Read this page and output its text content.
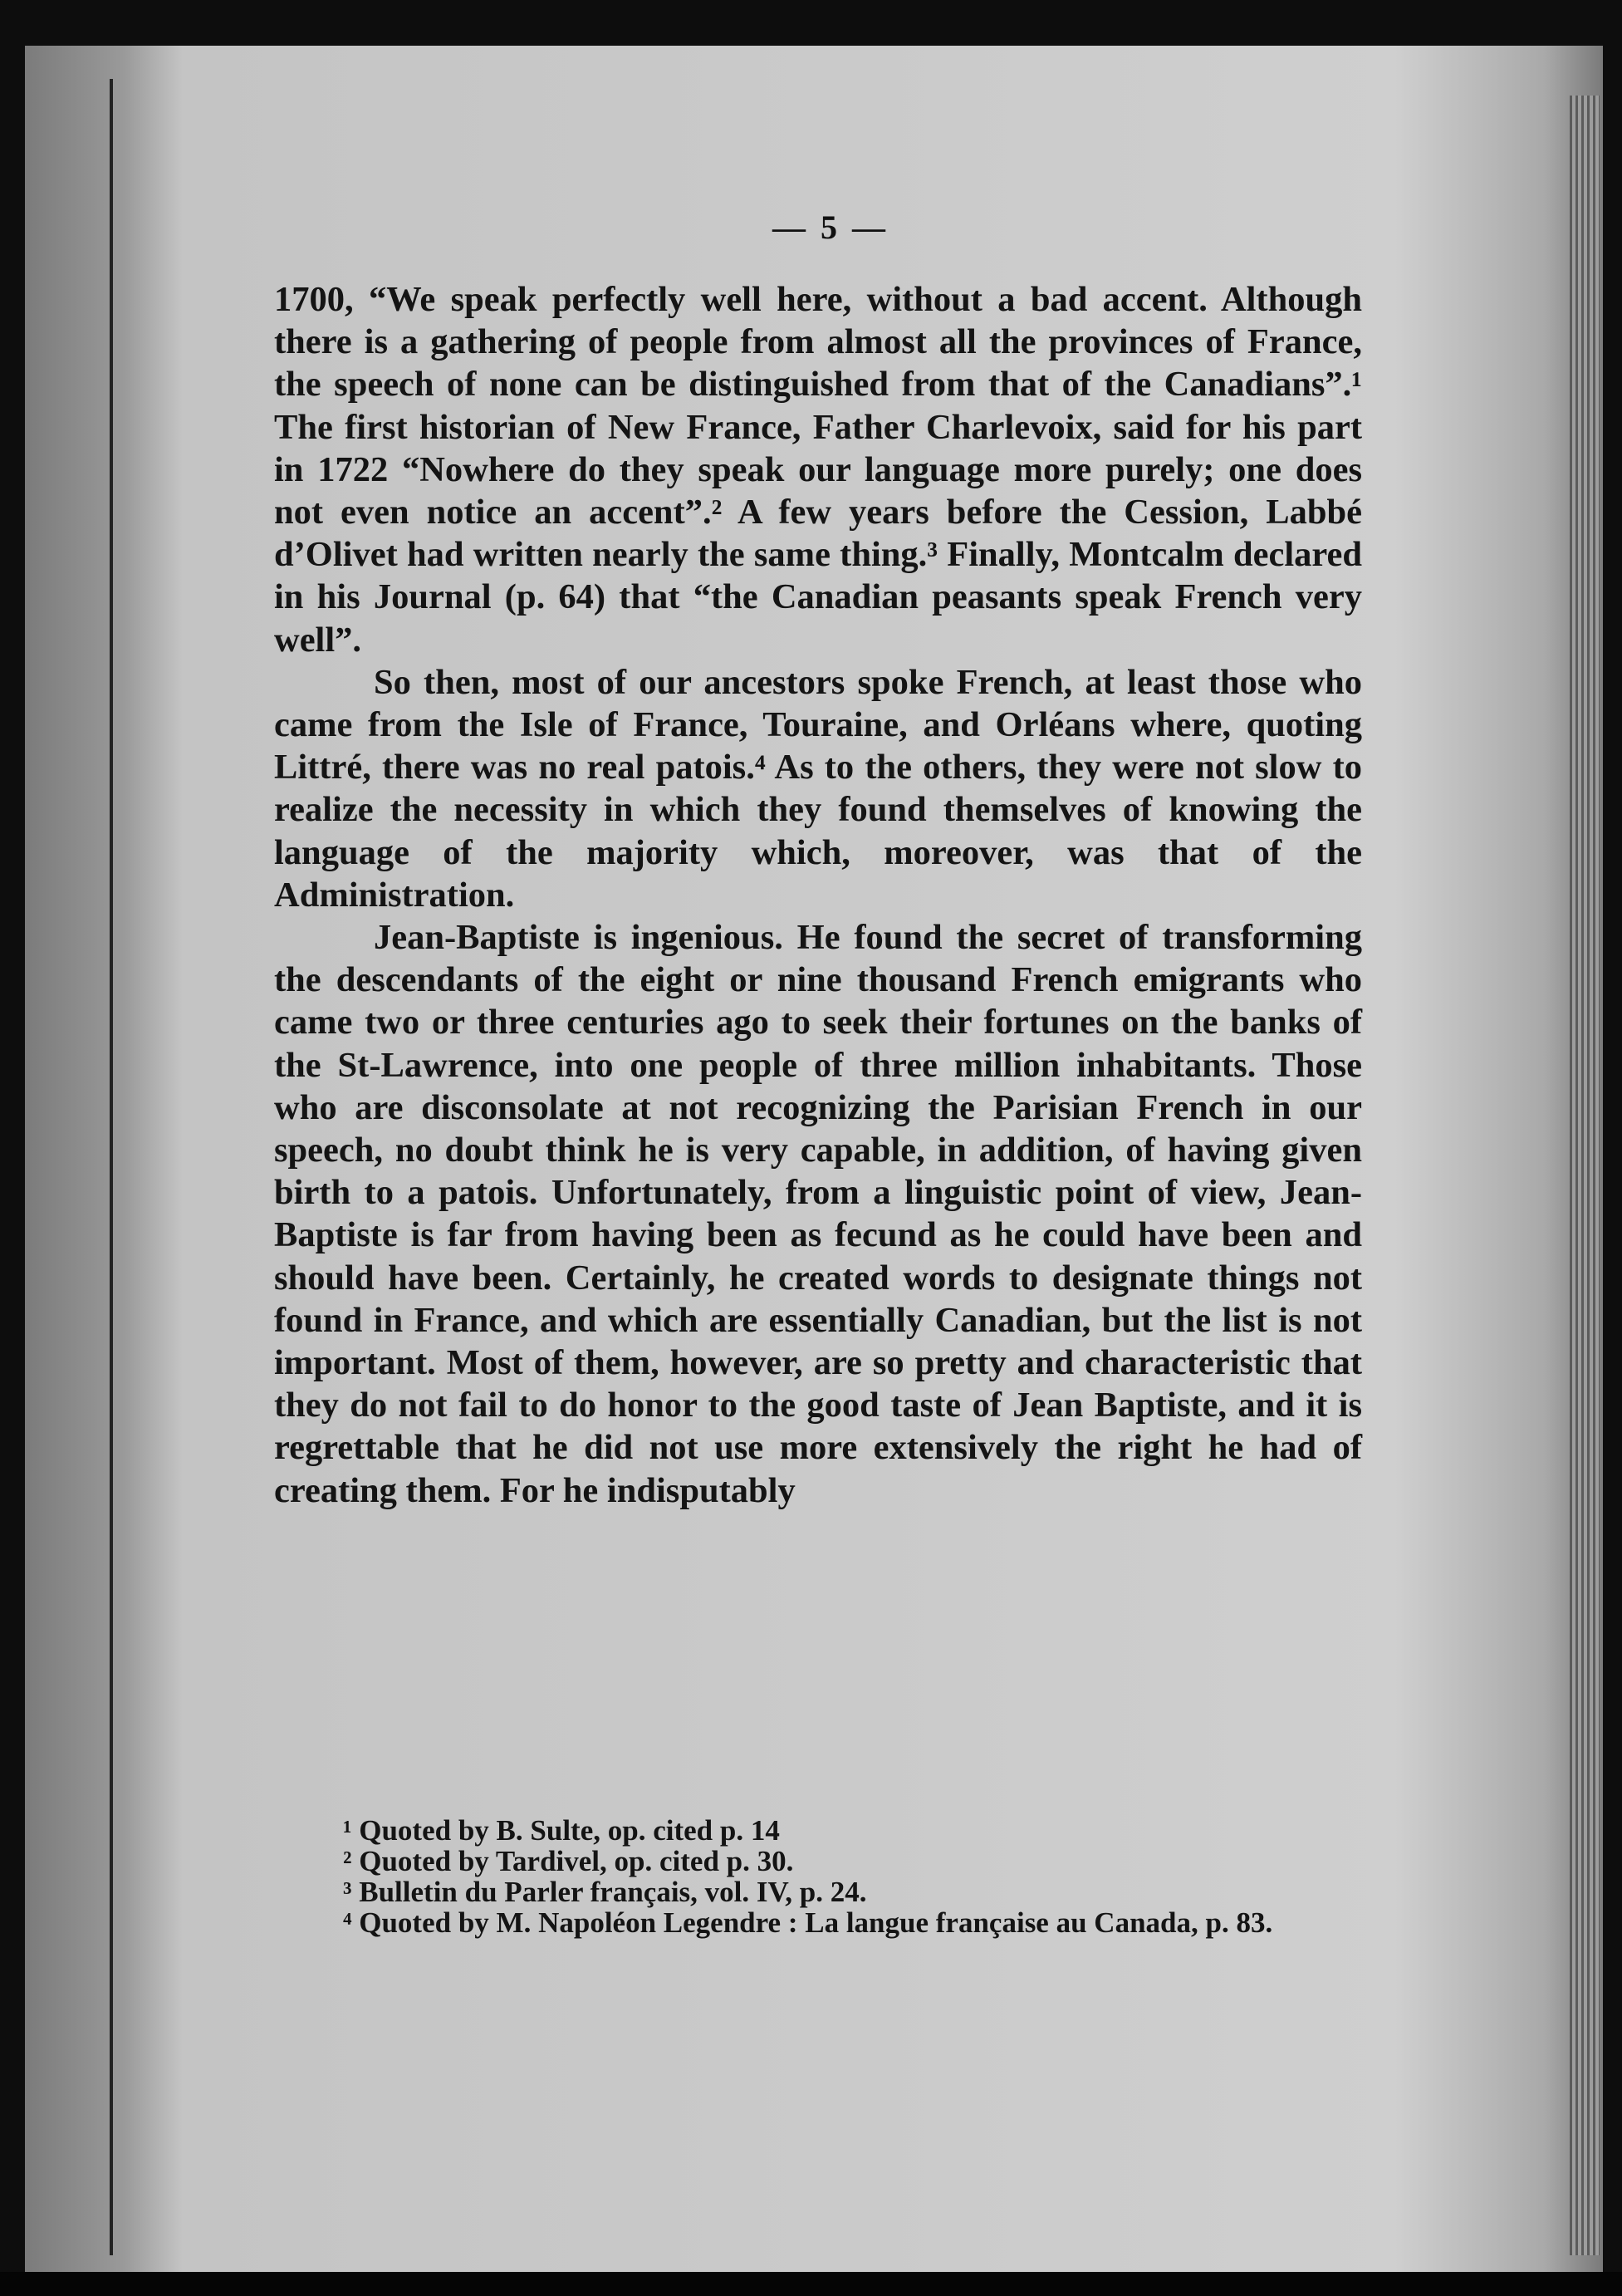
— 5 —

1700, “We speak perfectly well here, without a bad accent. Although there is a gathering of people from almost all the provinces of France, the speech of none can be distinguished from that of the Canadians”.¹ The first historian of New France, Father Charlevoix, said for his part in 1722 “Nowhere do they speak our language more purely; one does not even notice an accent”.² A few years before the Cession, Labbé d’Olivet had written nearly the same thing.³ Finally, Montcalm declared in his Journal (p. 64) that “the Canadian peasants speak French very well”.

So then, most of our ancestors spoke French, at least those who came from the Isle of France, Touraine, and Orléans where, quoting Littré, there was no real patois.⁴ As to the others, they were not slow to realize the necessity in which they found themselves of knowing the language of the majority which, moreover, was that of the Administration.

Jean-Baptiste is ingenious. He found the secret of transforming the descendants of the eight or nine thousand French emigrants who came two or three centuries ago to seek their fortunes on the banks of the St-Lawrence, into one people of three million inhabitants. Those who are disconsolate at not recognizing the Parisian French in our speech, no doubt think he is very capable, in addition, of having given birth to a patois. Unfortunately, from a linguistic point of view, Jean-Baptiste is far from having been as fecund as he could have been and should have been. Certainly, he created words to designate things not found in France, and which are essentially Canadian, but the list is not important. Most of them, however, are so pretty and characteristic that they do not fail to do honor to the good taste of Jean Baptiste, and it is regrettable that he did not use more extensively the right he had of creating them. For he indisputably

¹ Quoted by B. Sulte, op. cited p. 14

² Quoted by Tardivel, op. cited p. 30.

³ Bulletin du Parler français, vol. IV, p. 24.

⁴ Quoted by M. Napoléon Legendre : La langue française au Canada, p. 83.
